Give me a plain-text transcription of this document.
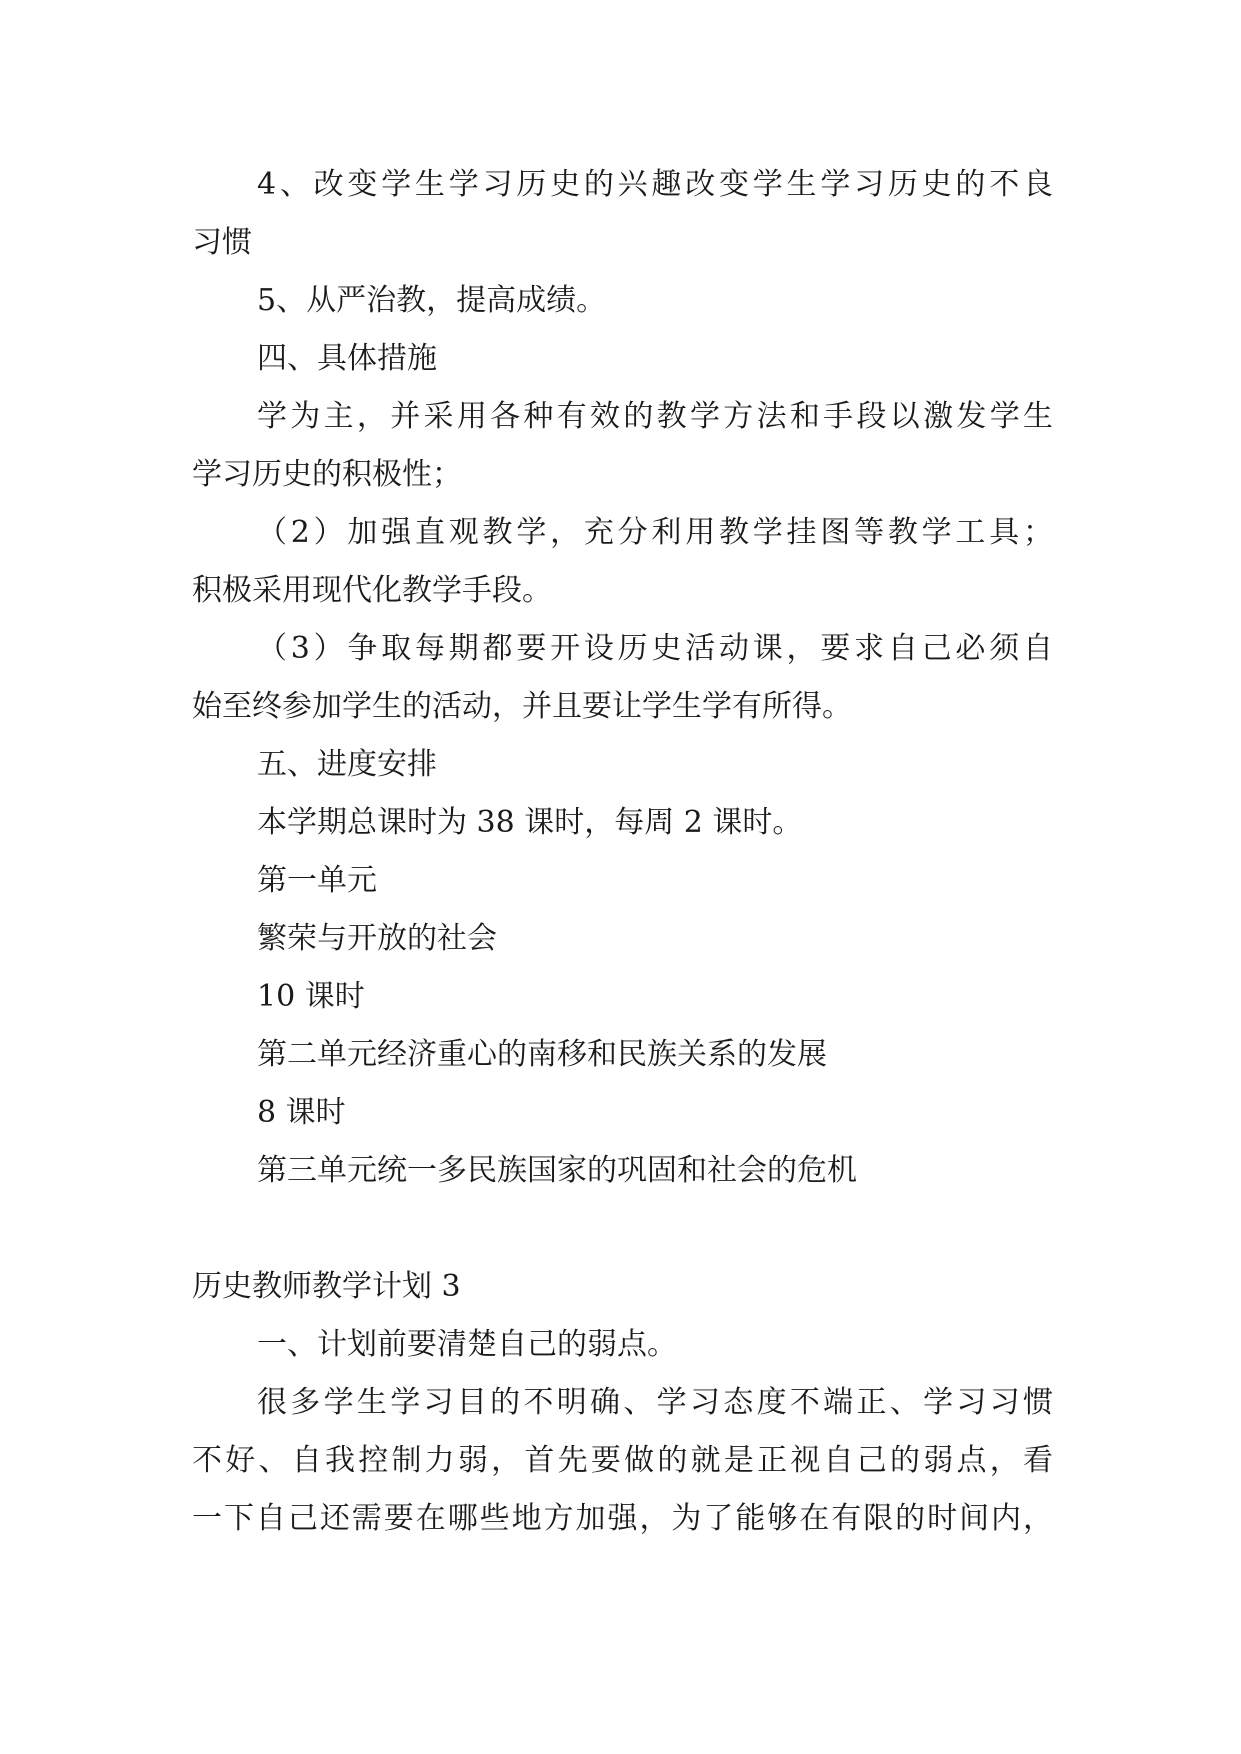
4、改变学生学习历史的兴趣改变学生学习历史的不良
习惯
5、从严治教，提高成绩。
四、具体措施
学为主，并采用各种有效的教学方法和手段以激发学生
学习历史的积极性；
（2）加强直观教学，充分利用教学挂图等教学工具；
积极采用现代化教学手段。
（3）争取每期都要开设历史活动课，要求自己必须自
始至终参加学生的活动，并且要让学生学有所得。
五、进度安排
本学期总课时为 38 课时，每周 2 课时。
第一单元
繁荣与开放的社会
10 课时
第二单元经济重心的南移和民族关系的发展
8 课时
第三单元统一多民族国家的巩固和社会的危机
历史教师教学计划 3
一、计划前要清楚自己的弱点。
很多学生学习目的不明确、学习态度不端正、学习习惯
不好、自我控制力弱，首先要做的就是正视自己的弱点，看
一下自己还需要在哪些地方加强，为了能够在有限的时间内，
